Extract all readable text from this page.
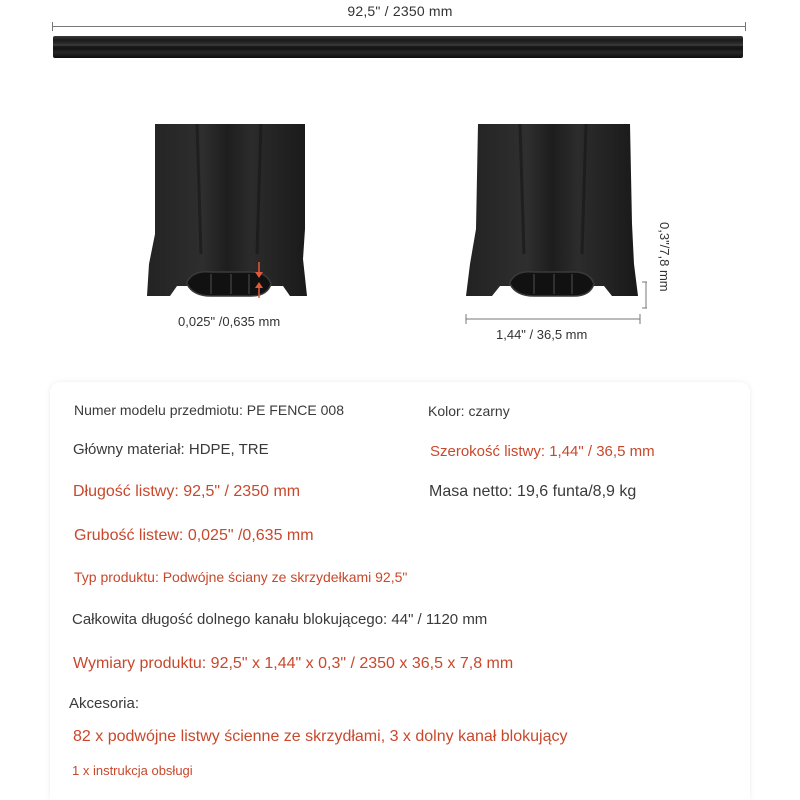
92,5" / 2350 mm
0,025" /0,635 mm
1,44" / 36,5 mm
0,3"/7,8 mm
Numer modelu przedmiotu: PE FENCE 008	Kolor: czarny
Główny materiał: HDPE, TRE	Szerokość listwy: 1,44" / 36,5 mm
Długość listwy: 92,5" / 2350 mm	Masa netto: 19,6 funta/8,9 kg
Grubość listew: 0,025" /0,635 mm
Typ produktu: Podwójne ściany ze skrzydełkami 92,5"
Całkowita długość dolnego kanału blokującego: 44" / 1120 mm
Wymiary produktu: 92,5" x 1,44" x 0,3" / 2350 x 36,5 x 7,8 mm
Akcesoria:
82 x podwójne listwy ścienne ze skrzydłami, 3 x dolny kanał blokujący
1 x instrukcja obsługi
